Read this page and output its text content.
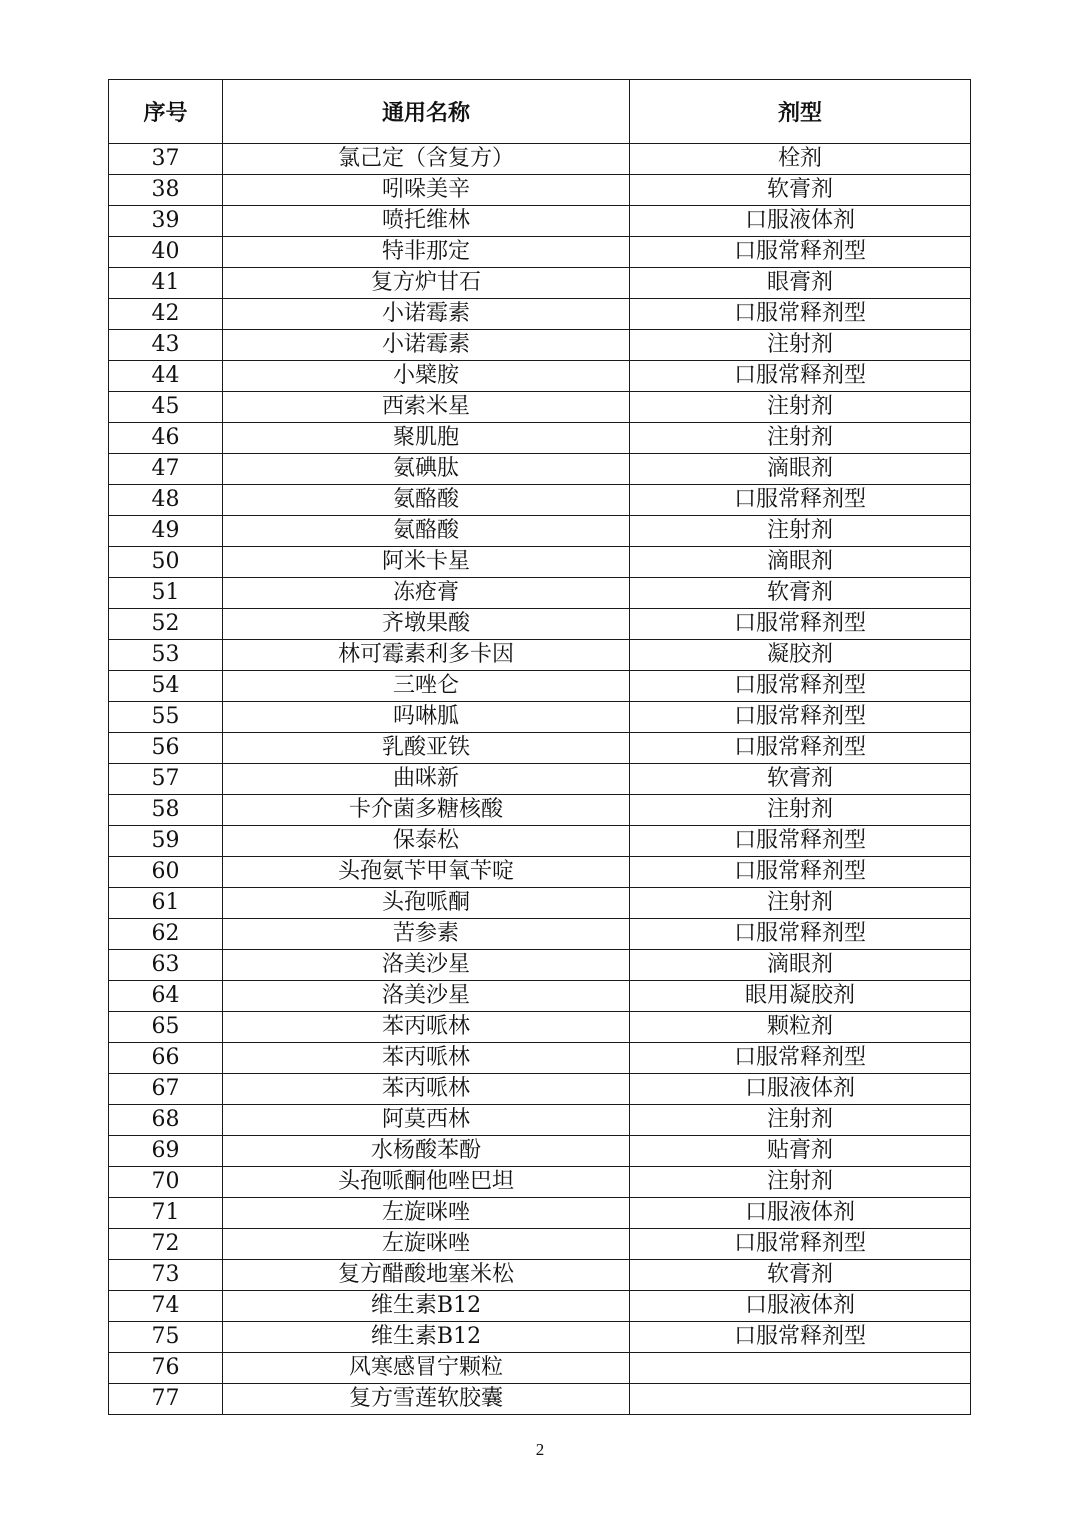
序号	通用名称	剂型
37	氯己定（含复方）	栓剂
38	吲哚美辛	软膏剂
39	喷托维林	口服液体剂
40	特非那定	口服常释剂型
41	复方炉甘石	眼膏剂
42	小诺霉素	口服常释剂型
43	小诺霉素	注射剂
44	小檗胺	口服常释剂型
45	西索米星	注射剂
46	聚肌胞	注射剂
47	氨碘肽	滴眼剂
48	氨酪酸	口服常释剂型
49	氨酪酸	注射剂
50	阿米卡星	滴眼剂
51	冻疮膏	软膏剂
52	齐墩果酸	口服常释剂型
53	林可霉素利多卡因	凝胶剂
54	三唑仑	口服常释剂型
55	吗啉胍	口服常释剂型
56	乳酸亚铁	口服常释剂型
57	曲咪新	软膏剂
58	卡介菌多糖核酸	注射剂
59	保泰松	口服常释剂型
60	头孢氨苄甲氧苄啶	口服常释剂型
61	头孢哌酮	注射剂
62	苦参素	口服常释剂型
63	洛美沙星	滴眼剂
64	洛美沙星	眼用凝胶剂
65	苯丙哌林	颗粒剂
66	苯丙哌林	口服常释剂型
67	苯丙哌林	口服液体剂
68	阿莫西林	注射剂
69	水杨酸苯酚	贴膏剂
70	头孢哌酮他唑巴坦	注射剂
71	左旋咪唑	口服液体剂
72	左旋咪唑	口服常释剂型
73	复方醋酸地塞米松	软膏剂
74	维生素B12	口服液体剂
75	维生素B12	口服常释剂型
76	风寒感冒宁颗粒	
77	复方雪莲软胶囊	
2
